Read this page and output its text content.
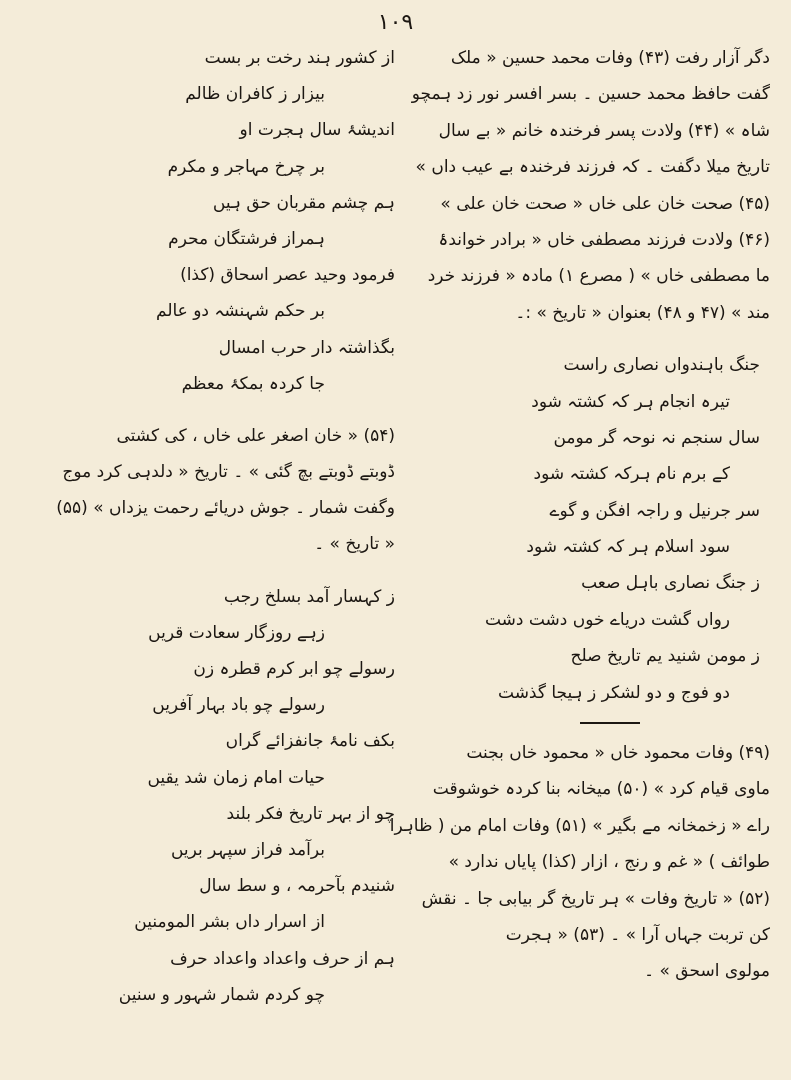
۱۰۹
دگر آزار رفت (۴۳) وفات محمد حسین « ملک
گفت حافظ محمد حسین ۔ بسر افسر نور زد ہمچو
شاہ » (۴۴) ولادت پسر فرخندہ خانم « بے سال
تاریخ میلا دگفت ۔ کہ فرزند فرخندہ بے عیب داں »
(۴۵) صحت خان علی خاں « صحت خان علی »
(۴۶) ولادت فرزند مصطفی خاں « برادر خواندۂ
ما مصطفی خاں » ( مصرع ۱) مادہ « فرزند خرد
مند » (۴۷ و ۴۸) بعنوان « تاریخ » :۔
جنگ باہندواں نصاری راست
تیرہ انجام ہر کہ کشتہ شود
سال سنجم نہ نوحہ گر مومن
کے برم نام ہرکہ کشتہ شود
سر جرنیل و راجہ افگن و گوے
سود اسلام ہر کہ کشتہ شود
ز جنگ نصاری باہل صعب
رواں گشت دریاے خوں دشت دشت
ز مومن شنید یم تاریخ صلح
دو فوج و دو لشکر ز ہیجا گذشت
(۴۹) وفات محمود خاں « محمود خاں بجنت
ماوی قیام کرد » (۵۰) میخانہ بنا کردہ خوشوقت
راے « زخمخانہ مے بگیر » (۵۱) وفات امام من ( ظاہرا
طوائف ) « غم و رنج ، ازار (کذا) پایاں ندارد »
(۵۲) « تاریخ وفات » ہر تاریخ گر بیابی جا ۔ نقش
کن تربت جہاں آرا » ۔ (۵۳) « ہجرت
مولوی اسحق » ۔
از کشور ہند رخت بر بست
بیزار ز کافران ظالم
اندیشۂ سال ہجرت او
بر چرخ مہاجر و مکرم
ہم چشم مقربان حق ہیں
ہمراز فرشتگان محرم
فرمود وحید عصر اسحاق (کذا)
بر حکم شہنشہ دو عالم
بگذاشتہ دار حرب امسال
جا کردہ بمکۂ معظم
(۵۴) « خان اصغر علی خاں ، کی کشتی
ڈوبتے ڈوبتے بچ گئی » ۔ تاریخ « دلدہی کرد موج
وگفت شمار ۔ جوش دریائے رحمت یزداں » (۵۵)
« تاریخ » ۔
ز کہسار آمد بسلخ رجب
زہے روزگار سعادت قریں
رسولے چو ابر کرم قطرہ زن
رسولے چو باد بہار آفریں
بکف نامۂ جانفزائے گراں
حیات امام زمان شد یقیں
چو از بہر تاریخ فکر بلند
برآمد فراز سپہر بریں
شنیدم بآحرمہ ، و سط سال
از اسرار داں بشر المومنین
ہم از حرف واعداد واعداد حرف
چو کردم شمار شہور و سنین
